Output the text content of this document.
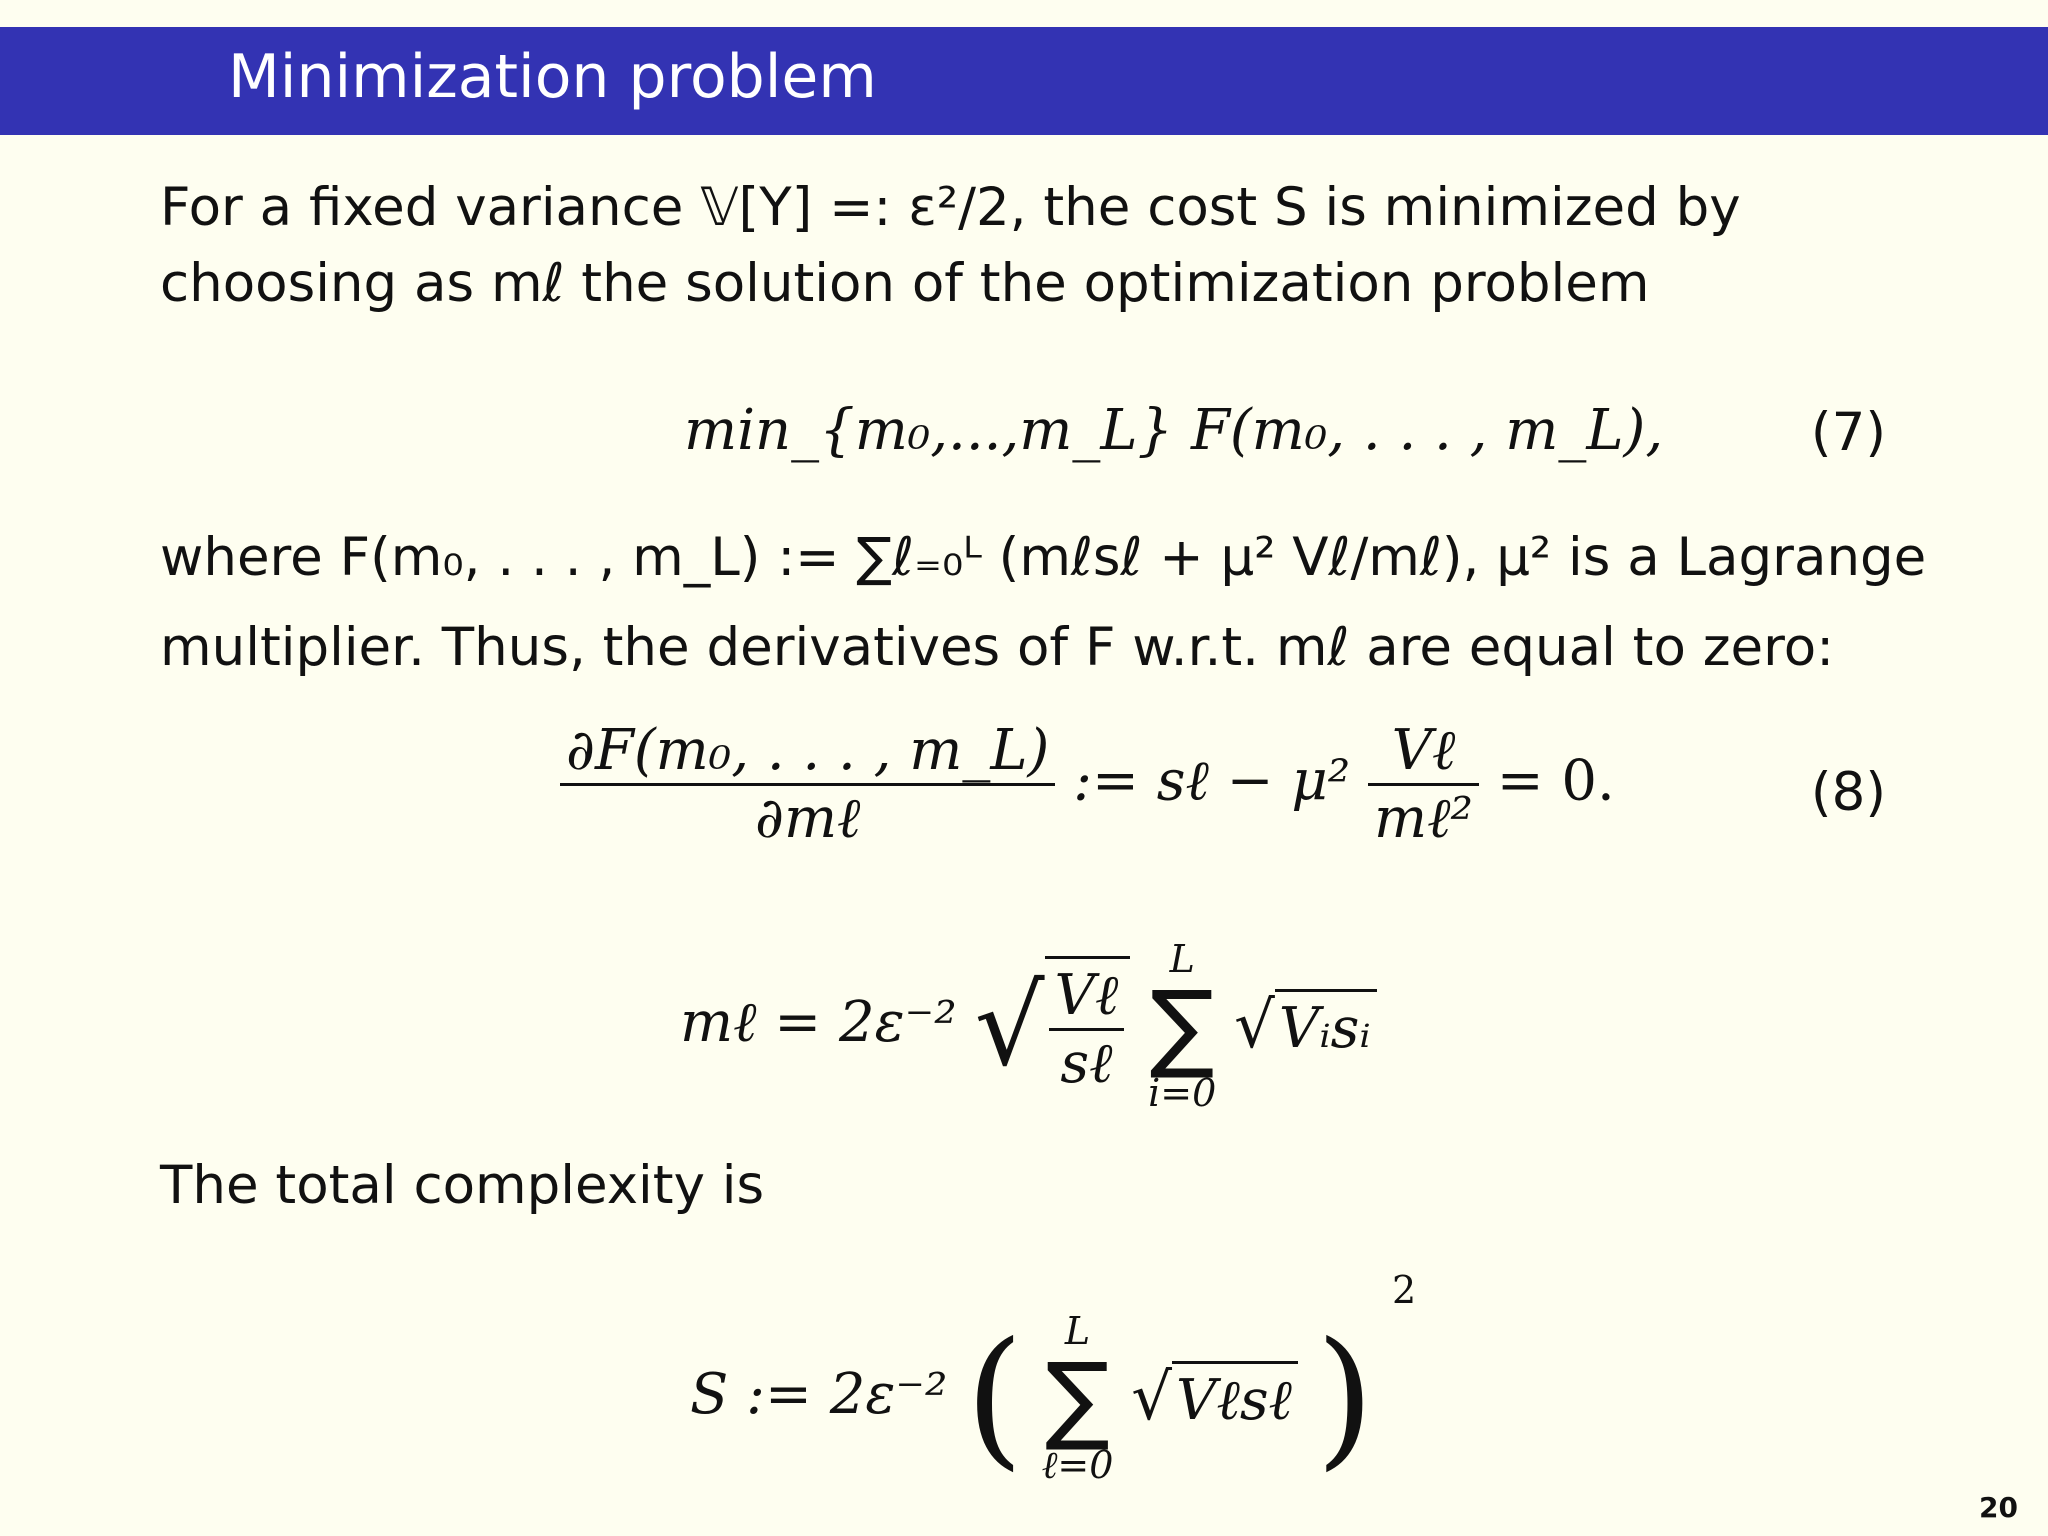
Minimization problem
For a fixed variance 𝕍[Y] =: ε²/2, the cost S is minimized by
choosing as mℓ the solution of the optimization problem
min_{m₀,...,m_L} F(m₀, . . . , m_L),	(7)
where F(m₀, . . . , m_L) := ∑ℓ₌₀ᴸ (mℓsℓ + μ² Vℓ/mℓ), μ² is a Lagrange
multiplier. Thus, the derivatives of F w.r.t. mℓ are equal to zero:
$\frac{\text{∂F(m₀, . . . , m\_L)}}{\text{∂mℓ}}$ := sℓ − $\mu^2 \frac{\text{Vℓ}}{\text{mℓ²}} = 0$.	(8)
mℓ = 2ε⁻² √ $\frac{\text{Vℓ}}{\text{sℓ}}$

L
∑
i=0
√Vᵢsᵢ
The total complexity is
S := 2ε⁻² (	L
∑
ℓ=0
√Vℓsℓ ) $^2$
20
